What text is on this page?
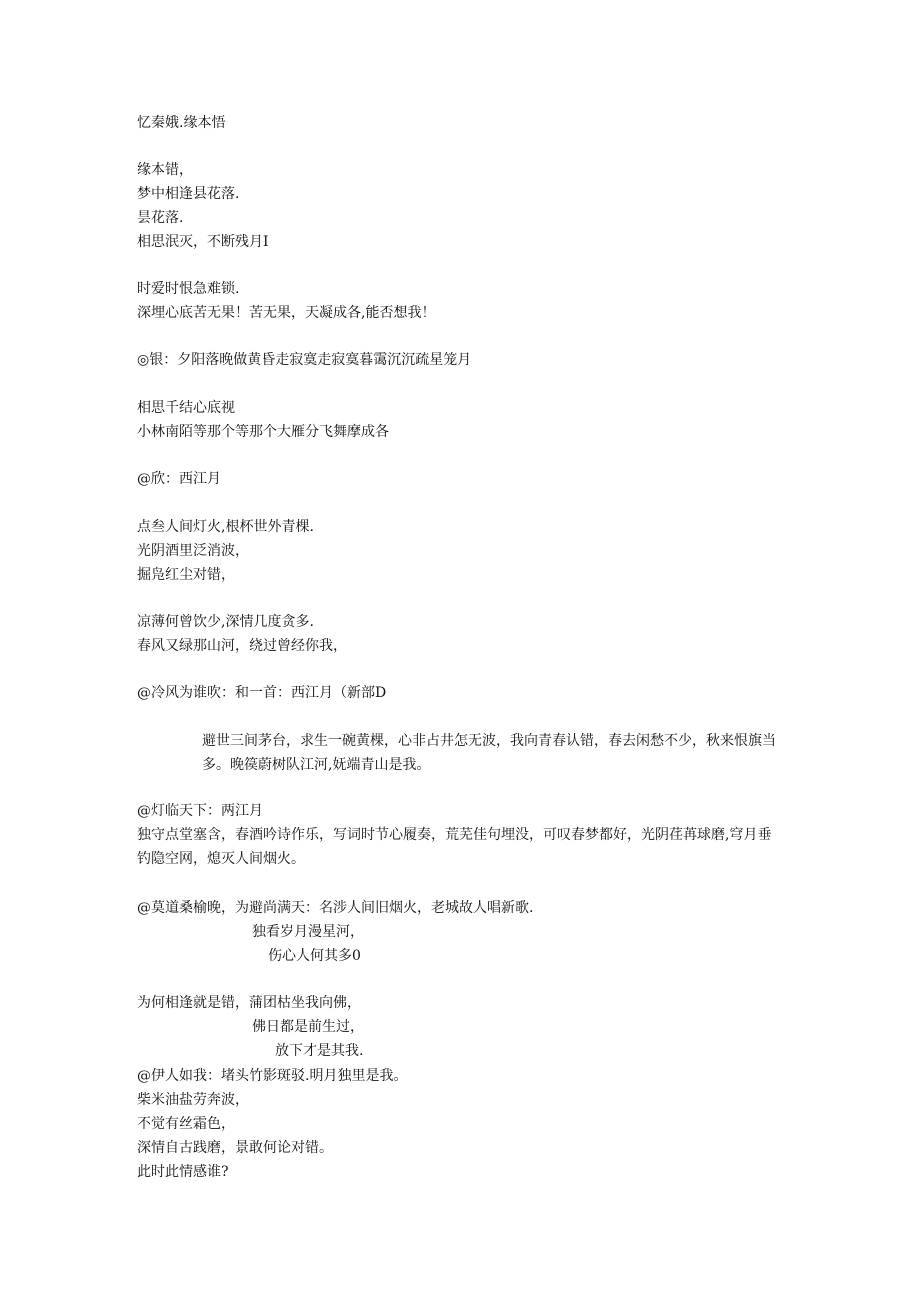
忆秦娥.缘本悟
缘本错，
梦中相逢县花落.
昙花落.
相思泯灭，不断残月I
时爱时恨急难锁.
深埋心底苦无果！苦无果，天凝成各,能否想我！
◎银：夕阳落晚做黄昏走寂寞走寂寞暮霭沉沉疏星笼月
相思千结心底视
小林南陌等那个等那个大雁分飞舞摩成各
@欣：西江月
点叁人间灯火,根杯世外青棵.
光阴酒里泛消波，
掘凫红尘对错，
凉薄何曾饮少,深情几度贪多.
春风又绿那山河，绕过曾经你我，
@冷风为谁吹：和一首：西江月（新部D
避世三间茅台，求生一碗黄棵，心非占井怎无波，我向青春认错，春去闲愁不少，秋来恨旗当多。晚篌蔚树队江河,妩端青山是我。
@灯临天下：两江月
独守点堂塞含，春酒吟诗作乐，写词时节心履奏，荒芜佳句埋没，可叹春梦都好，光阴荏苒球磨,穹月垂钓隐空网，熄灭人间烟火。
@莫道桑榆晚，为避尚满天：名涉人间旧烟火，老城故人唱新歌.
独看岁月漫星河，
伤心人何其多0
为何相逢就是错，蒲团枯坐我向佛，
佛日都是前生过，
放下才是其我.
@伊人如我：堵头竹影斑驳.明月独里是我。
柴米油盐劳奔波，
不觉有丝霜色，
深情自古践磨，景敢何论对错。
此时此情感谁?
